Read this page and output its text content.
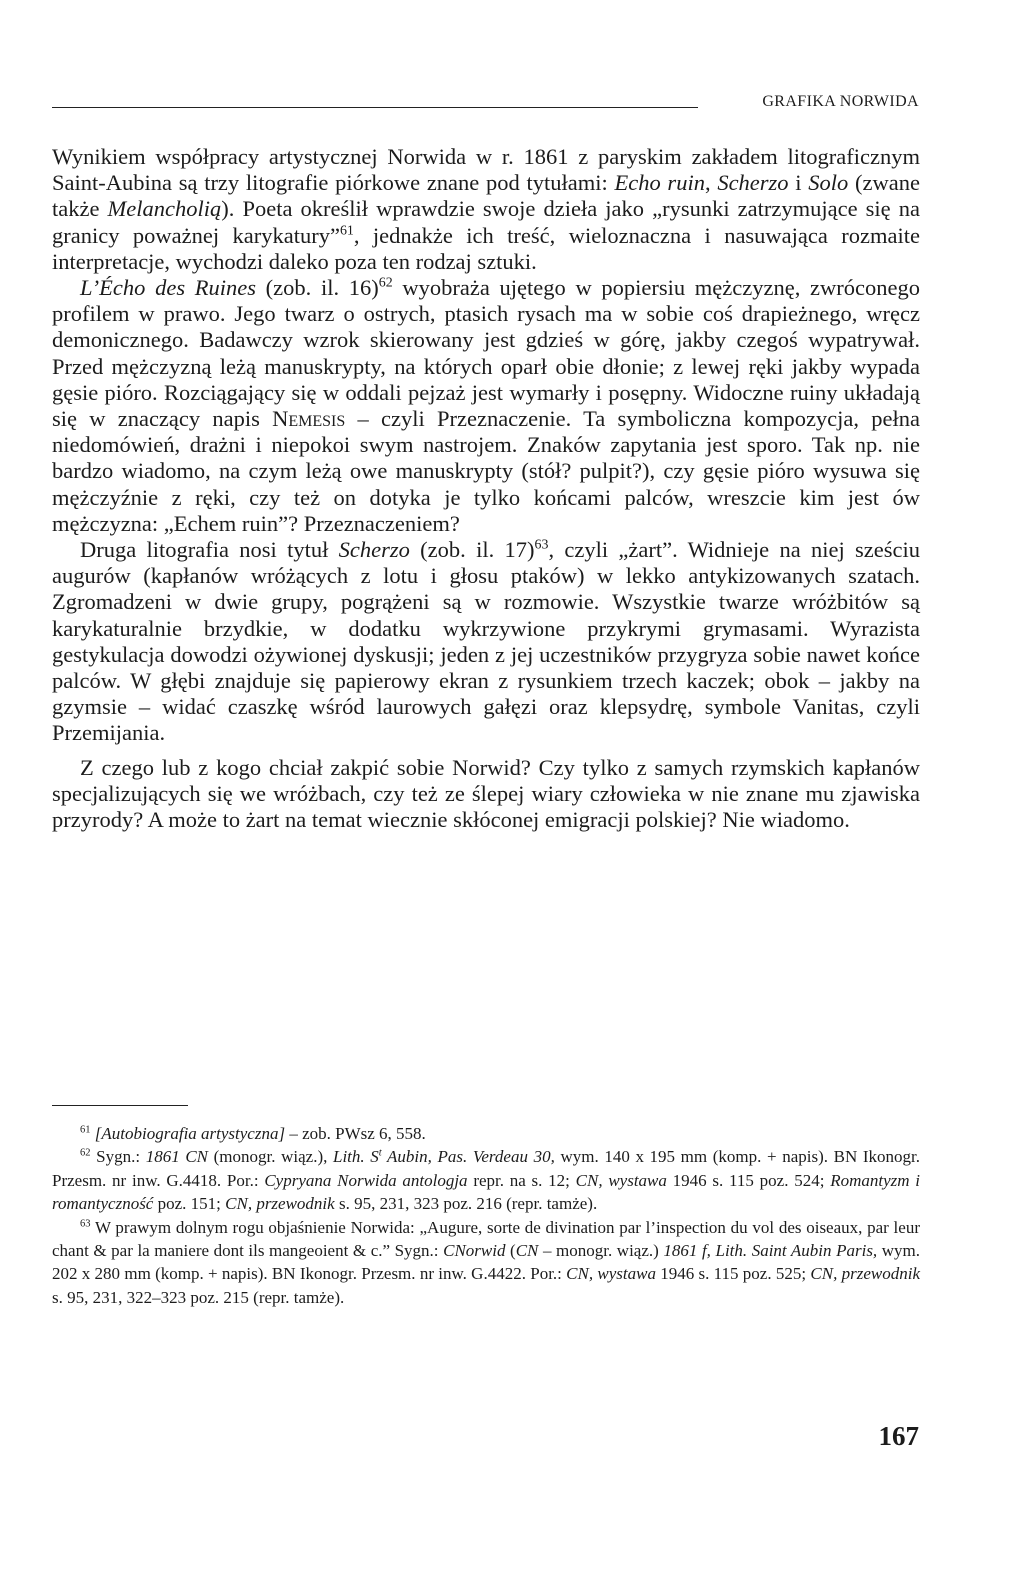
GRAFIKA NORWIDA

Wynikiem współpracy artystycznej Norwida w r. 1861 z paryskim zakładem litograficznym Saint-Aubina są trzy litografie piórkowe znane pod tytułami: Echo ruin, Scherzo i Solo (zwane także Melancholią). Poeta określił wprawdzie swoje dzieła jako „rysunki zatrzymujące się na granicy poważnej karykatury”$^{61}$, jednakże ich treść, wieloznaczna i nasuwająca rozmaite interpretacje, wychodzi daleko poza ten rodzaj sztuki.

L’Écho des Ruines (zob. il. 16)$^{62}$ wyobraża ujętego w popiersiu mężczyznę, zwróconego profilem w prawo. Jego twarz o ostrych, ptasich rysach ma w sobie coś drapieżnego, wręcz demonicznego. Badawczy wzrok skierowany jest gdzieś w górę, jakby czegoś wypatrywał. Przed mężczyzną leżą manuskrypty, na których oparł obie dłonie; z lewej ręki jakby wypada gęsie pióro. Rozciągający się w oddali pejzaż jest wymarły i posępny. Widoczne ruiny układają się w znaczący napis Nemesis – czyli Przeznaczenie. Ta symboliczna kompozycja, pełna niedomówień, drażni i niepokoi swym nastrojem. Znaków zapytania jest sporo. Tak np. nie bardzo wiadomo, na czym leżą owe manuskrypty (stół? pulpit?), czy gęsie pióro wysuwa się mężczyźnie z ręki, czy też on dotyka je tylko końcami palców, wreszcie kim jest ów mężczyzna: „Echem ruin”? Przeznaczeniem?

Druga litografia nosi tytuł Scherzo (zob. il. 17)$^{63}$, czyli „żart”. Widnieje na niej sześciu augurów (kapłanów wróżących z lotu i głosu ptaków) w lekko antykizowanych szatach. Zgromadzeni w dwie grupy, pogrążeni są w rozmowie. Wszystkie twarze wróżbitów są karykaturalnie brzydkie, w dodatku wykrzywione przykrymi grymasami. Wyrazista gestykulacja dowodzi ożywionej dyskusji; jeden z jej uczestników przygryza sobie nawet końce palców. W głębi znajduje się papierowy ekran z rysunkiem trzech kaczek; obok – jakby na gzymsie – widać czaszkę wśród laurowych gałęzi oraz klepsydrę, symbole Vanitas, czyli Przemijania.

Z czego lub z kogo chciał zakpić sobie Norwid? Czy tylko z samych rzymskich kapłanów specjalizujących się we wróżbach, czy też ze ślepej wiary człowieka w nie znane mu zjawiska przyrody? A może to żart na temat wiecznie skłóconej emigracji polskiej? Nie wiadomo.

$^{61}$ [Autobiografia artystyczna] – zob. PWsz 6, 558.

$^{62}$ Sygn.: 1861 CN (monogr. wiąz.), Lith. $S^t$ Aubin, Pas. Verdeau 30, wym. 140 x 195 mm (komp. + napis). BN Ikonogr. Przesm. nr inw. G.4418. Por.: Cypryana Norwida antologja repr. na s. 12; CN, wystawa 1946 s. 115 poz. 524; Romantyzm i romantyczność poz. 151; CN, przewodnik s. 95, 231, 323 poz. 216 (repr. tamże).

$^{63}$ W prawym dolnym rogu objaśnienie Norwida: „Augure, sorte de divination par l’inspection du vol des oiseaux, par leur chant & par la maniere dont ils mangeoient & c.” Sygn.: CNorwid (CN – monogr. wiąz.) 1861 f, Lith. Saint Aubin Paris, wym. 202 x 280 mm (komp. + napis). BN Ikonogr. Przesm. nr inw. G.4422. Por.: CN, wystawa 1946 s. 115 poz. 525; CN, przewodnik s. 95, 231, 322–323 poz. 215 (repr. tamże).

167
